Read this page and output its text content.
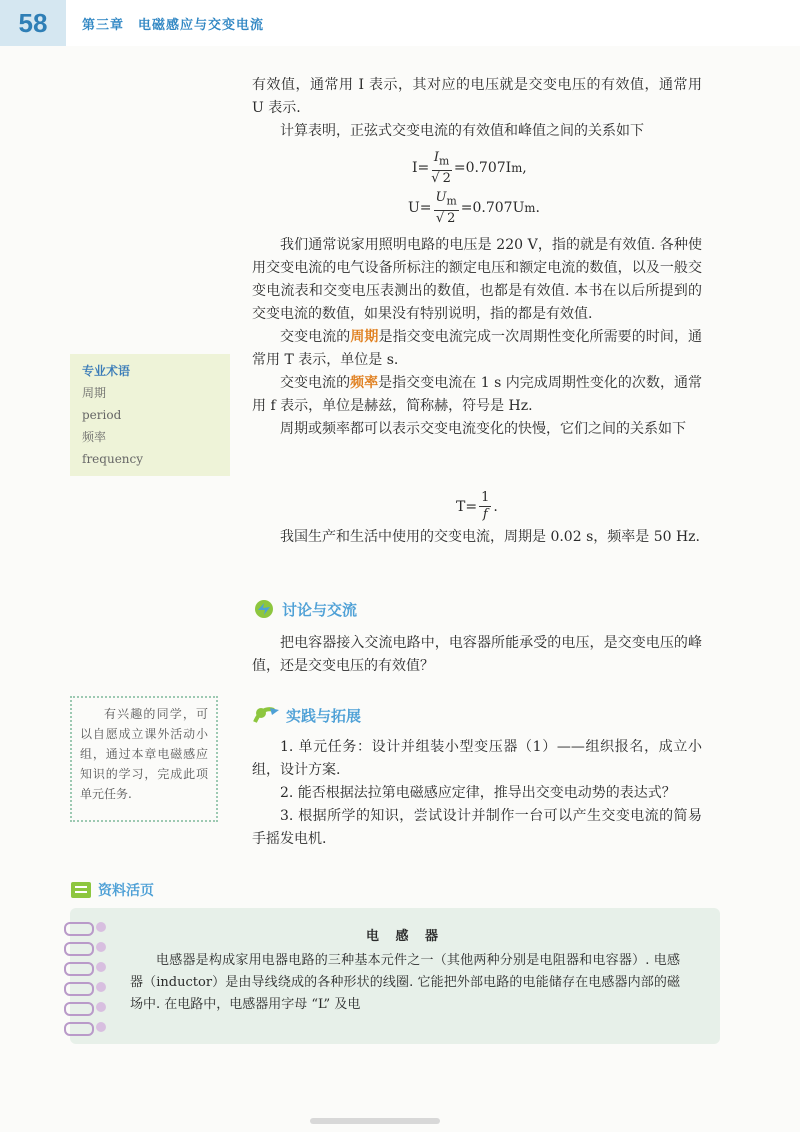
58	第三章 电磁感应与交变电流

有效值，通常用 I 表示，其对应的电压就是交变电压的有效值，通常用 U 表示.

计算表明，正弦式交变电流的有效值和峰值之间的关系如下

$I= \frac{I_m}{√ 2} =0.707I$ m ,
$U= \frac{U_m}{√ 2} =0.707U$ m .

我们通常说家用照明电路的电压是 220 V，指的就是有效值. 各种使用交变电流的电气设备所标注的额定电压和额定电流的数值，以及一般交变电流表和交变电压表测出的数值，也都是有效值. 本书在以后所提到的交变电流的数值，如果没有特别说明，指的都是有效值.

交变电流的周期是指交变电流完成一次周期性变化所需要的时间，通常用 T 表示，单位是 s.

交变电流的频率是指交变电流在 1 s 内完成周期性变化的次数，通常用 f 表示，单位是赫兹，简称赫，符号是 Hz.

周期或频率都可以表示交变电流变化的快慢，它们之间的关系如下

$T= \frac{1}{f}$ .

我国生产和生活中使用的交变电流，周期是 0.02 s，频率是 50 Hz.

专业术语
周期
period
频率
frequency
讨论与交流

把电容器接入交流电路中，电容器所能承受的电压，是交变电压的峰值，还是交变电压的有效值？

实践与拓展

1. 单元任务：设计并组装小型变压器（1）——组织报名，成立小组，设计方案.

2. 能否根据法拉第电磁感应定律，推导出交变电动势的表达式？

3. 根据所学的知识，尝试设计并制作一台可以产生交变电流的简易手摇发电机.

有兴趣的同学，可以自愿成立课外活动小组，通过本章电磁感应知识的学习，完成此项单元任务.
资料活页
电 感 器

电感器是构成家用电器电路的三种基本元件之一（其他两种分别是电阻器和电容器）. 电感器（inductor）是由导线绕成的各种形状的线圈. 它能把外部电路的电能储存在电感器内部的磁场中. 在电路中，电感器用字母 “L” 及电
